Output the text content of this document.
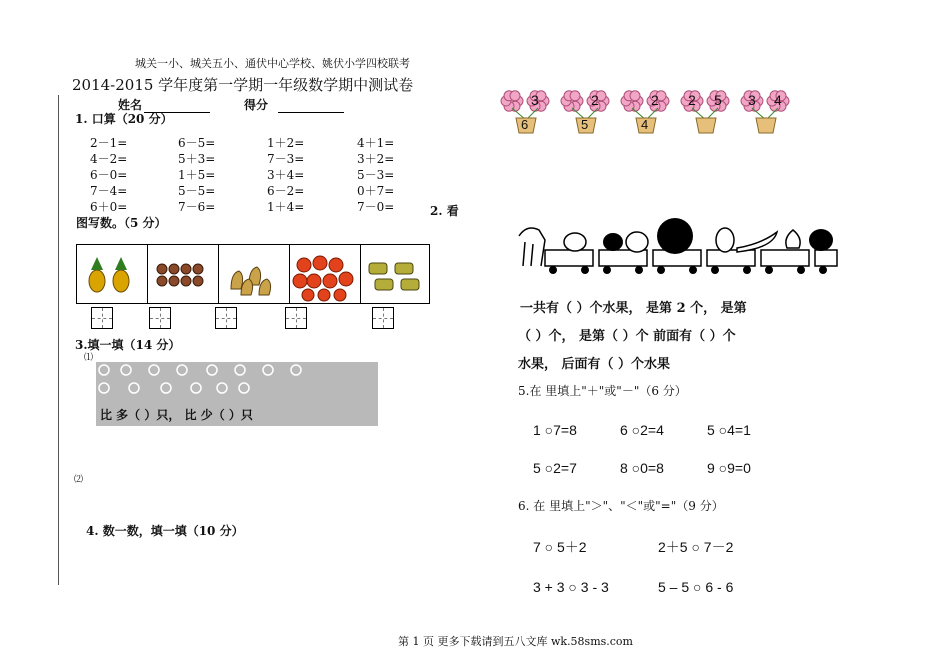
城关一小、城关五小、通伏中心学校、姚伏小学四校联考
2014-2015 学年度第一学期一年级数学期中测试卷
姓名	得分
1. 口算（20 分）
2－1=	6－5=	1＋2=	4＋1=
4－2=	5＋3=	7－3=	3＋2=
6－0=	1＋5=	3＋4=	5－3=
7－4=	5－5=	6－2=	0＋7=
6＋0=	7－6=	1＋4=	7－0=	2. 看
图写数。（5 分）
3.填一填（14 分）
⑴
比 多（ ）只， 比 少（ ）只
⑵
4. 数一数，填一填（10 分）
3
6
2
5
2
4
2 5 3 4
一共有（ ）个水果， 是第 2 个， 是第
（ ）个， 是第（ ）个 前面有（ ）个
水果， 后面有（ ）个水果
5.在 里填上"＋"或"－"（6 分）
1 ○7=8	6 ○2=4	5 ○4=1
5 ○2=7	8 ○0=8	9 ○9=0
6. 在 里填上"＞"、"＜"或"="（9 分）
7 ○ 5＋2	2＋5 ○ 7－2
3 + 3 ○ 3 - 3	5 – 5 ○ 6 - 6
第 1 页 更多下载请到五八文库 wk.58sms.com
